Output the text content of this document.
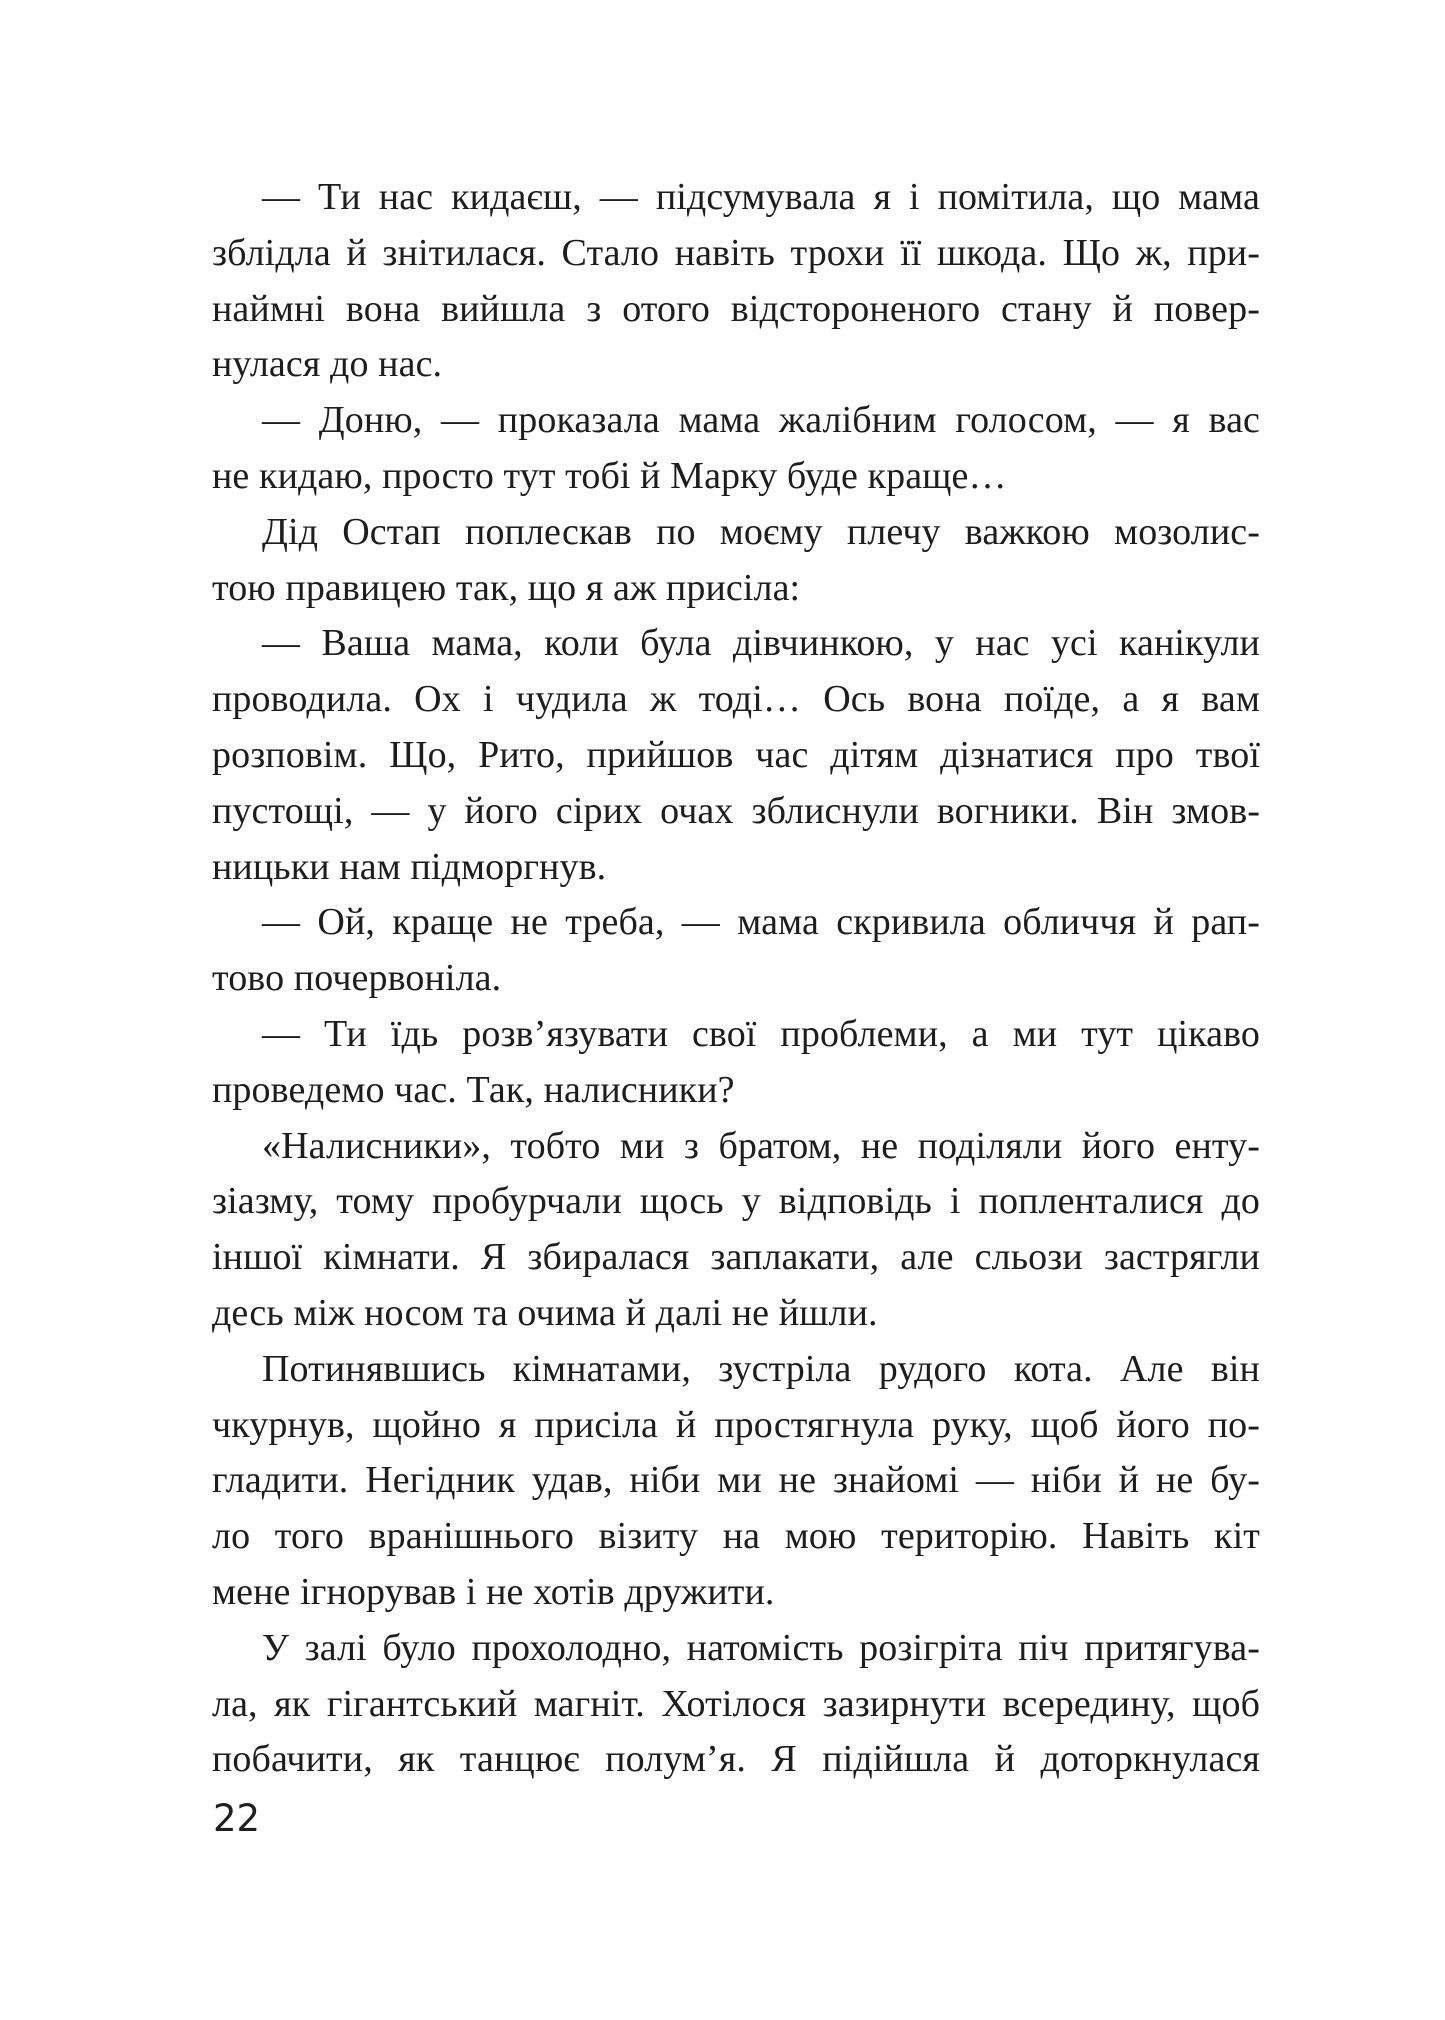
— Ти нас кидаєш, — підсумувала я і помітила, що мама
зблідла й знітилася. Стало навіть трохи її шкода. Що ж, при-
наймні вона вийшла з отого відстороненого стану й повер-
нулася до нас.
— Доню, — проказала мама жалібним голосом, — я вас
не кидаю, просто тут тобі й Марку буде краще…
Дід Остап поплескав по моєму плечу важкою мозолис-
тою правицею так, що я аж присіла:
— Ваша мама, коли була дівчинкою, у нас усі канікули
проводила. Ох і чудила ж тоді… Ось вона поїде, а я вам
розповім. Що, Рито, прийшов час дітям дізнатися про твої
пустощі, — у його сірих очах зблиснули вогники. Він змов-
ницьки нам підморгнув.
— Ой, краще не треба, — мама скривила обличчя й рап-
тово почервоніла.
— Ти їдь розв’язувати свої проблеми, а ми тут цікаво
проведемо час. Так, налисники?
«Налисники», тобто ми з братом, не поділяли його енту-
зіазму, тому пробурчали щось у відповідь і попленталися до
іншої кімнати. Я збиралася заплакати, але сльози застрягли
десь між носом та очима й далі не йшли.
Потинявшись кімнатами, зустріла рудого кота. Але він
чкурнув, щойно я присіла й простягнула руку, щоб його по-
гладити. Негідник удав, ніби ми не знайомі — ніби й не бу-
ло того вранішнього візиту на мою територію. Навіть кіт
мене ігнорував і не хотів дружити.
У залі було прохолодно, натомість розігріта піч притягува-
ла, як гігантський магніт. Хотілося зазирнути всередину, щоб
побачити, як танцює полум’я. Я підійшла й доторкнулася
22
